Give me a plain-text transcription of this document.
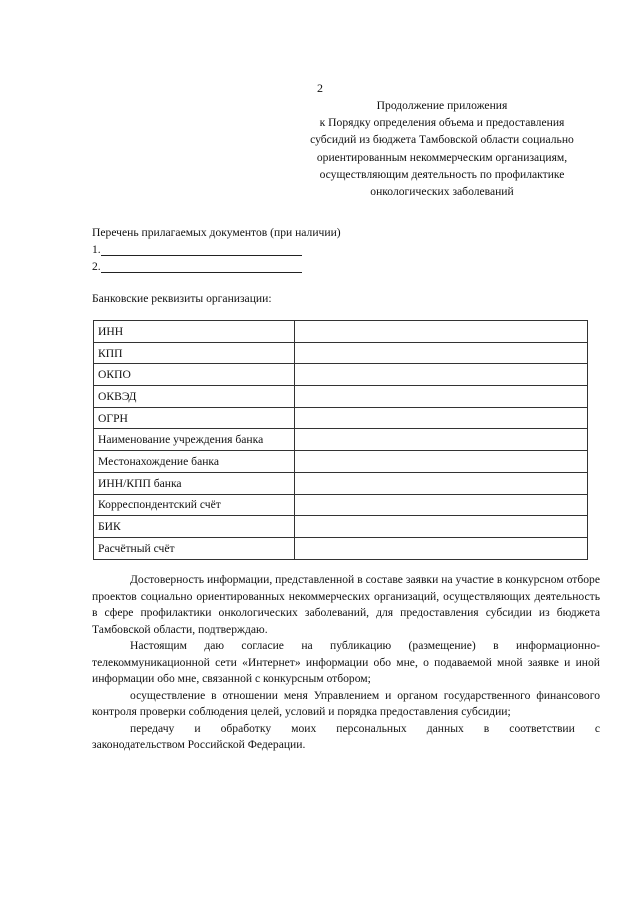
2
Продолжение приложения
к Порядку определения объема и предоставления
субсидий из бюджета Тамбовской области социально
ориентированным некоммерческим организациям,
осуществляющим деятельность по профилактике
онкологических заболеваний
Перечень прилагаемых документов (при наличии)
1.
2.
Банковские реквизиты организации:
ИНН	
КПП	
ОКПО	
ОКВЭД	
ОГРН	
Наименование учреждения банка	
Местонахождение банка	
ИНН/КПП банка	
Корреспондентский счёт	
БИК	
Расчётный счёт	

Достоверность информации, представленной в составе заявки на участие в конкурсном отборе проектов социально ориентированных некоммерческих организаций, осуществляющих деятельность в сфере профилактики онкологических заболеваний, для предоставления субсидии из бюджета Тамбовской области, подтверждаю.

Настоящим даю согласие на публикацию (размещение) в информационно-телекоммуникационной сети «Интернет» информации обо мне, о подаваемой мной заявке и иной информации обо мне, связанной с конкурсным отбором;

осуществление в отношении меня Управлением и органом государственного финансового контроля проверки соблюдения целей, условий и порядка предоставления субсидии;

передачу и обработку моих персональных данных в соответствии с

законодательством Российской Федерации.
